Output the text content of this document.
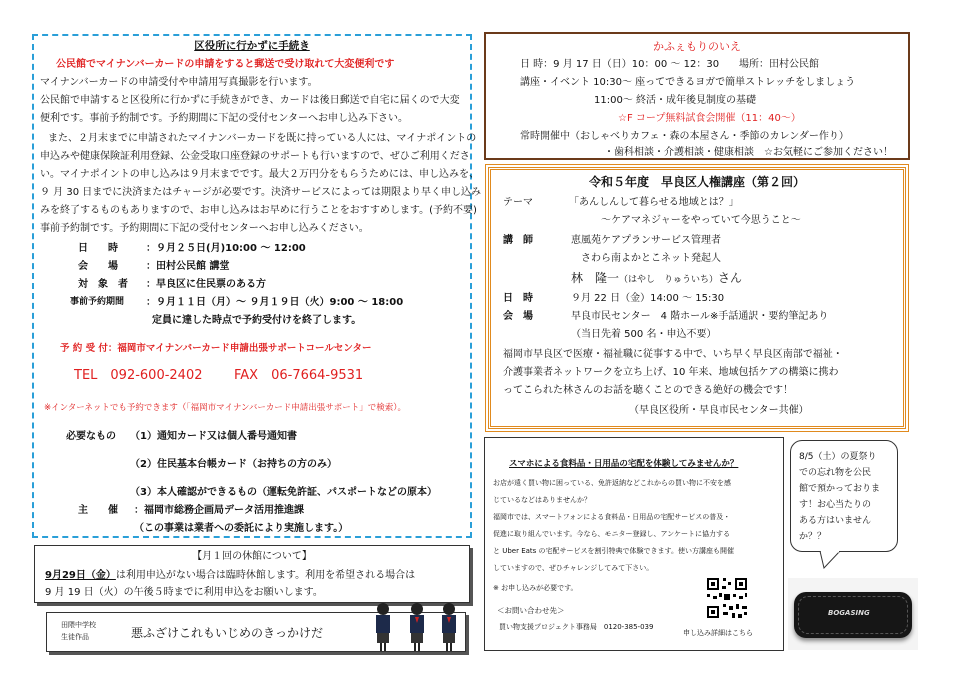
区役所に行かずに手続き
公民館でマイナンバーカードの申請をすると郵送で受け取れて大変便利です
マイナンバーカードの申請受付や申請用写真撮影を行います。
公民館で申請すると区役所に行かずに手続きができ、カードは後日郵送で自宅に届くので大変
便利です。事前予約制です。予約期間に下記の受付センターへお申し込み下さい。
また、２月末までに申請されたマイナンバーカードを既に持っている人には、マイナポイントの
申込みや健康保険証利用登録、公金受取口座登録のサポートも行いますので、ぜひご利用くださ
い。マイナポイントの申し込みは９月末までです。最大２万円分をもらうためには、申し込みを、
９ 月 30 日までに決済またはチャージが必要です。決済サービスによっては期限より早く申し込み
みを終了するものもありますので、お申し込みはお早めに行うことをおすすめします。(予約不要)
事前予約制です。予約期間に下記の受付センターへお申し込みください。
日　　時	：９月２５日(月)10:00 ～ 12:00
会　　場	：田村公民館 講堂
対　象　者 ：早良区に住民票のある方
事前予約期間 ：９月１１日（月）～ ９月１９日（火）9:00 ～ 18:00
定員に達した時点で予約受付けを終了します。
予 約 受 付：福岡市マイナンバーカード申請出張サポートコールセンター
TEL　092-600-2402 FAX　06-7664-9531
※インターネットでも予約できます（「福岡市マイナンバーカード申請出張サポート」で検索）。
必要なもの （1）通知カード又は個人番号通知書
（2）住民基本台帳カード（お持ちの方のみ）
（3）本人確認ができるもの（運転免許証、パスポートなどの原本）
主　　催 ：福岡市総務企画局データ活用推進課
（この事業は業者への委託により実施します。）
【月１回の休館について】
9月29日（金）は利用申込がない場合は臨時休館します。利用を希望される場合は
9 月 19 日（火）の午後５時までに利用申込をお願いします。
田隈中学校
生徒作品	悪ふざけこれもいじめのきっかけだ
かふぇもりのいえ
日 時：9 月 17 日（日）10：00 ～ 12：30　　場所：田村公民館
講座・イベント 10:30～ 座ってできるヨガで簡単ストレッチをしましょう
11:00～ 終活・成年後見制度の基礎
☆F コープ無料試食会開催（11：40～）
常時開催中（おしゃべりカフェ・森の本屋さん・季節のカレンダー作り）
・歯科相談・介護相談・健康相談　☆お気軽にご参加ください！
令和５年度　早良区人権講座（第２回）
テーマ	「あんしんして暮らせる地域とは？」
～ケアマネジャーをやっていて今思うこと～
講　師	恵風苑ケアプランサービス管理者
さわら南よかとこネット発起人
林　隆一（はやし　りゅういち）さん
日　時	９月 22 日（金）14:00 ～ 15:30
会　場	早良市民センター　4 階ホール※手話通訳・要約筆記あり
（当日先着 500 名・申込不要）
福岡市早良区で医療・福祉職に従事する中で、いち早く早良区南部で福祉・
介護事業者ネットワークを立ち上げ、10 年来、地域包括ケアの構築に携わ
ってこられた林さんのお話を聴くことのできる絶好の機会です！
（早良区役所・早良市民センター共催）
スマホによる食料品・日用品の宅配を体験してみませんか？
お店が遠く買い物に困っている、免許返納などこれからの買い物に不安を感
じているなどはありませんか？
福岡市では、スマートフォンによる食料品・日用品の宅配サービスの普及・
促進に取り組んでいます。今なら、モニター登録し、アンケートに協力する
と Uber Eats の宅配サービスを割引特典で体験できます。使い方講座も開催
していますので、ぜひチャレンジしてみて下さい。
※ お申し込みが必要です。
＜お問い合わせ先＞
買い物支援プロジェクト事務局　0120-385-039
申し込み詳細はこちら
8/5（土）の夏祭り
での忘れ物を公民
館で預かっておりま
す！お心当たりの
ある方はいません
か？？
BOGASING
